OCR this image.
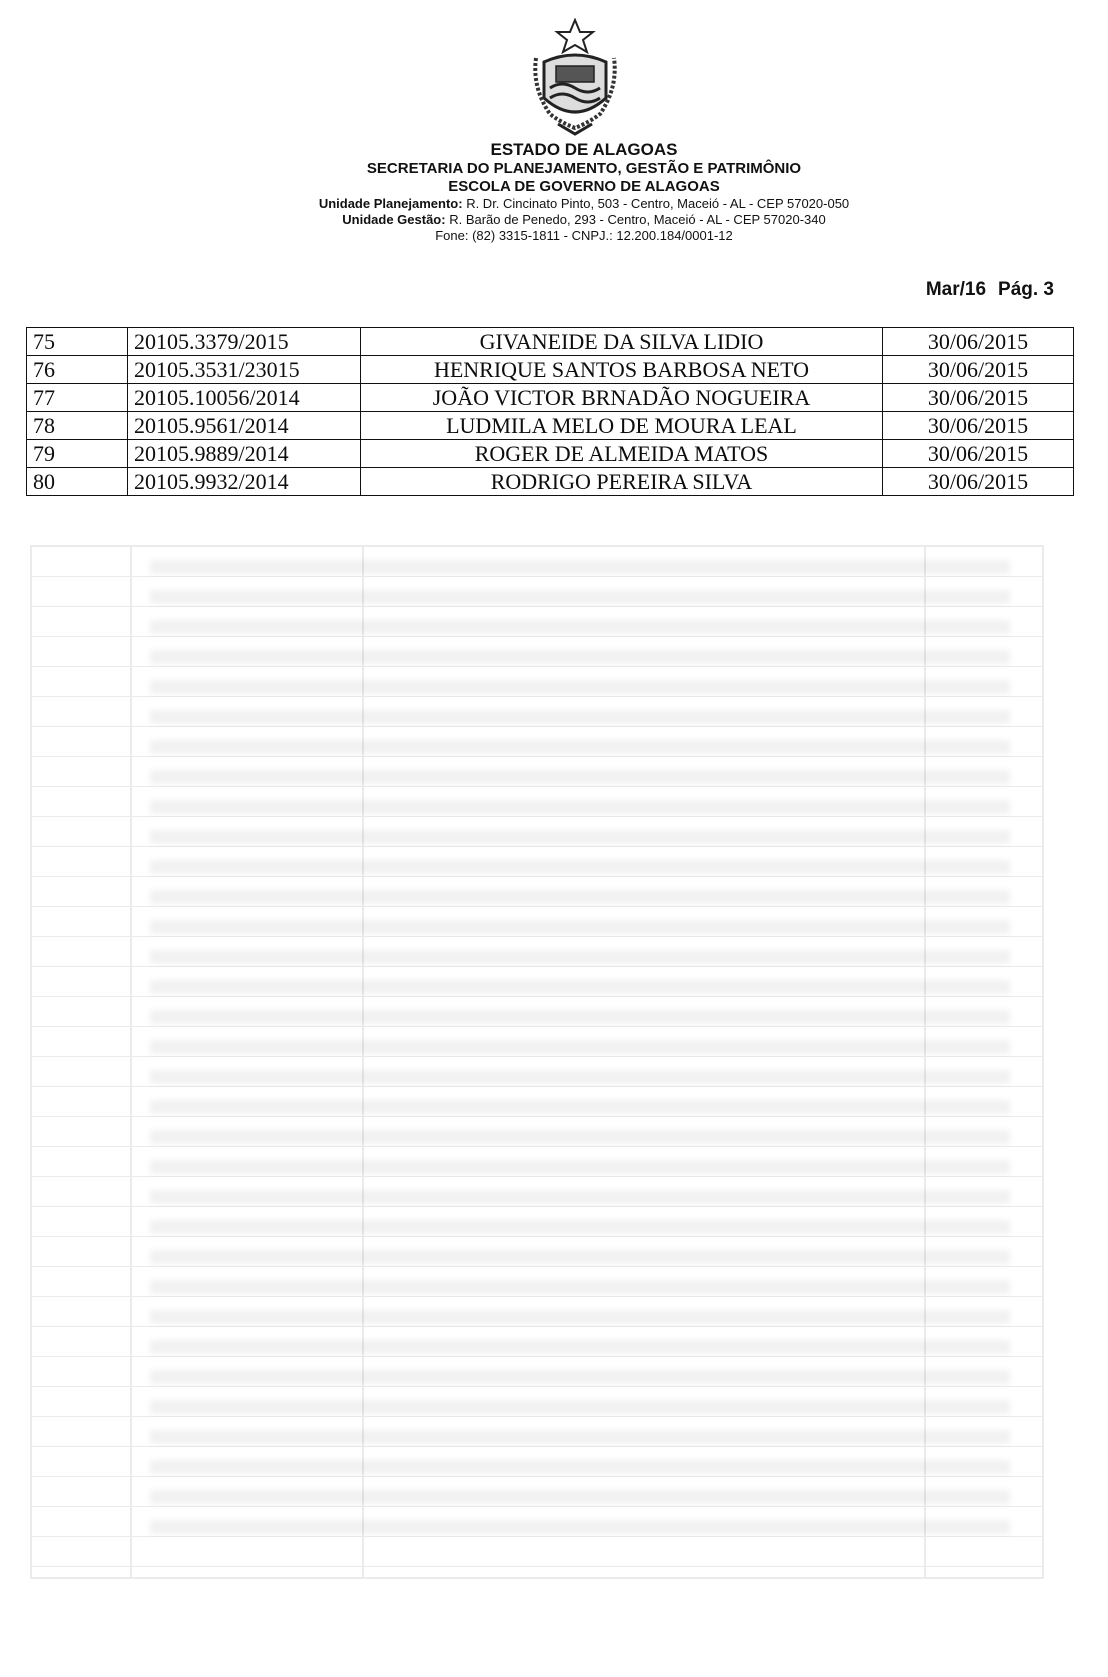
ESTADO DE ALAGOAS
SECRETARIA DO PLANEJAMENTO, GESTÃO E PATRIMÔNIO
ESCOLA DE GOVERNO DE ALAGOAS
Unidade Planejamento: R. Dr. Cincinato Pinto, 503 - Centro, Maceió - AL - CEP 57020-050
Unidade Gestão: R. Barão de Penedo, 293 - Centro, Maceió - AL - CEP 57020-340
Fone: (82) 3315-1811 - CNPJ.: 12.200.184/0001-12
Mar/16 Pág. 3
75	20105.3379/2015	GIVANEIDE DA SILVA LIDIO	30/06/2015
76	20105.3531/23015	HENRIQUE SANTOS BARBOSA NETO	30/06/2015
77	20105.10056/2014	JOÃO VICTOR BRNADÃO NOGUEIRA	30/06/2015
78	20105.9561/2014	LUDMILA MELO DE MOURA LEAL	30/06/2015
79	20105.9889/2014	ROGER DE ALMEIDA MATOS	30/06/2015
80	20105.9932/2014	RODRIGO PEREIRA SILVA	30/06/2015
